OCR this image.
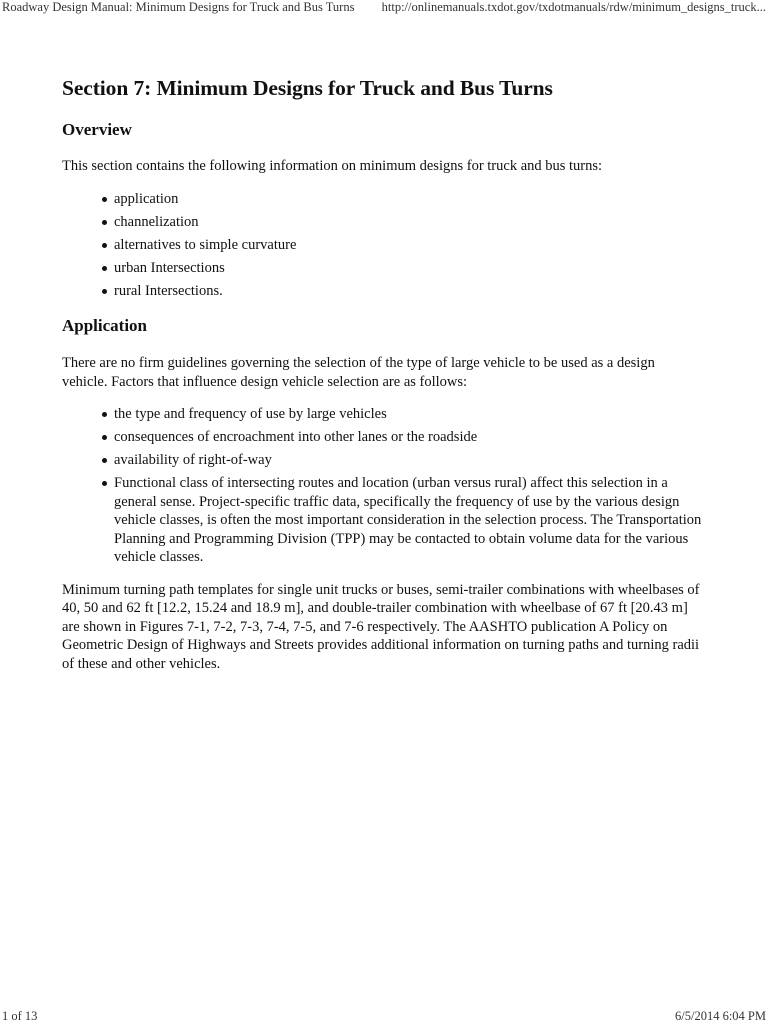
Roadway Design Manual: Minimum Designs for Truck and Bus Turns http://onlinemanuals.txdot.gov/txdotmanuals/rdw/minimum_designs_truck...
Section 7: Minimum Designs for Truck and Bus Turns
Overview

This section contains the following information on minimum designs for truck and bus turns:

application
channelization
alternatives to simple curvature
urban Intersections
rural Intersections.
Application

There are no firm guidelines governing the selection of the type of large vehicle to be used as a design vehicle. Factors that influence design vehicle selection are as follows:

the type and frequency of use by large vehicles
consequences of encroachment into other lanes or the roadside
availability of right-of-way
Functional class of intersecting routes and location (urban versus rural) affect this selection in a general sense. Project-specific traffic data, specifically the frequency of use by the various design vehicle classes, is often the most important consideration in the selection process. The Transportation Planning and Programming Division (TPP) may be contacted to obtain volume data for the various vehicle classes.

Minimum turning path templates for single unit trucks or buses, semi-trailer combinations with wheelbases of 40, 50 and 62 ft [12.2, 15.24 and 18.9 m], and double-trailer combination with wheelbase of 67 ft [20.43 m] are shown in Figures 7-1, 7-2, 7-3, 7-4, 7-5, and 7-6 respectively. The AASHTO publication A Policy on Geometric Design of Highways and Streets provides additional information on turning paths and turning radii of these and other vehicles.

1 of 13	6/5/2014 6:04 PM
